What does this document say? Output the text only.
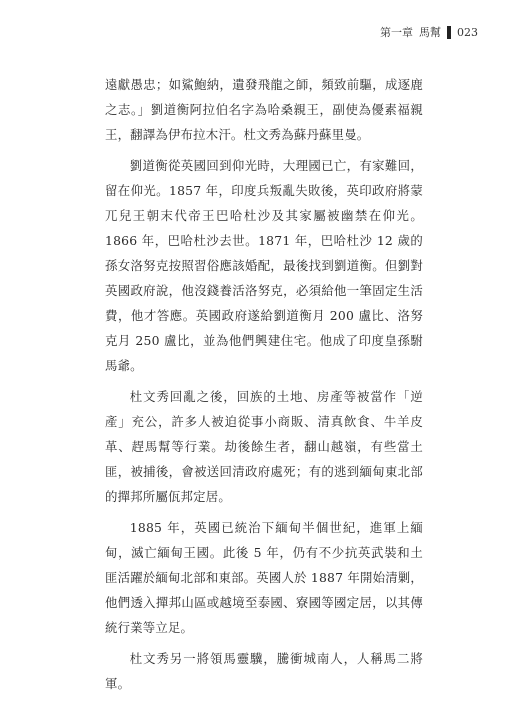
第一章 馬幫 023

遠獻愚忠；如鯊鮑納，遺發飛龍之師，頻致前驅，成逐鹿之志。」劉道衡阿拉伯名字為哈桑親王，副使為優素福親王，翻譯為伊布拉木汗。杜文秀為蘇丹蘇里曼。

劉道衡從英國回到仰光時，大理國已亡，有家難回，留在仰光。1857 年，印度兵叛亂失敗後，英印政府將蒙兀兒王朝末代帝王巴哈杜沙及其家屬被幽禁在仰光。1866 年，巴哈杜沙去世。1871 年，巴哈杜沙 12 歲的孫女洛努克按照習俗應該婚配，最後找到劉道衡。但劉對英國政府說，他沒錢養活洛努克，必須給他一筆固定生活費，他才答應。英國政府遂給劉道衡月 200 盧比、洛努克月 250 盧比，並為他們興建住宅。他成了印度皇孫駙馬爺。

杜文秀回亂之後，回族的土地、房產等被當作「逆產」充公，許多人被迫從事小商販、清真飲食、牛羊皮革、趕馬幫等行業。劫後餘生者，翻山越嶺，有些當土匪，被捕後，會被送回清政府處死；有的逃到緬甸東北部的撣邦所屬佤邦定居。

1885 年，英國已統治下緬甸半個世紀，進軍上緬甸，滅亡緬甸王國。此後 5 年，仍有不少抗英武裝和土匪活躍於緬甸北部和東部。英國人於 1887 年開始清剿，他們透入撣邦山區或越境至泰國、寮國等國定居，以其傳統行業等立足。

杜文秀另一將領馬靈驥，騰衝城南人，人稱馬二將軍。
